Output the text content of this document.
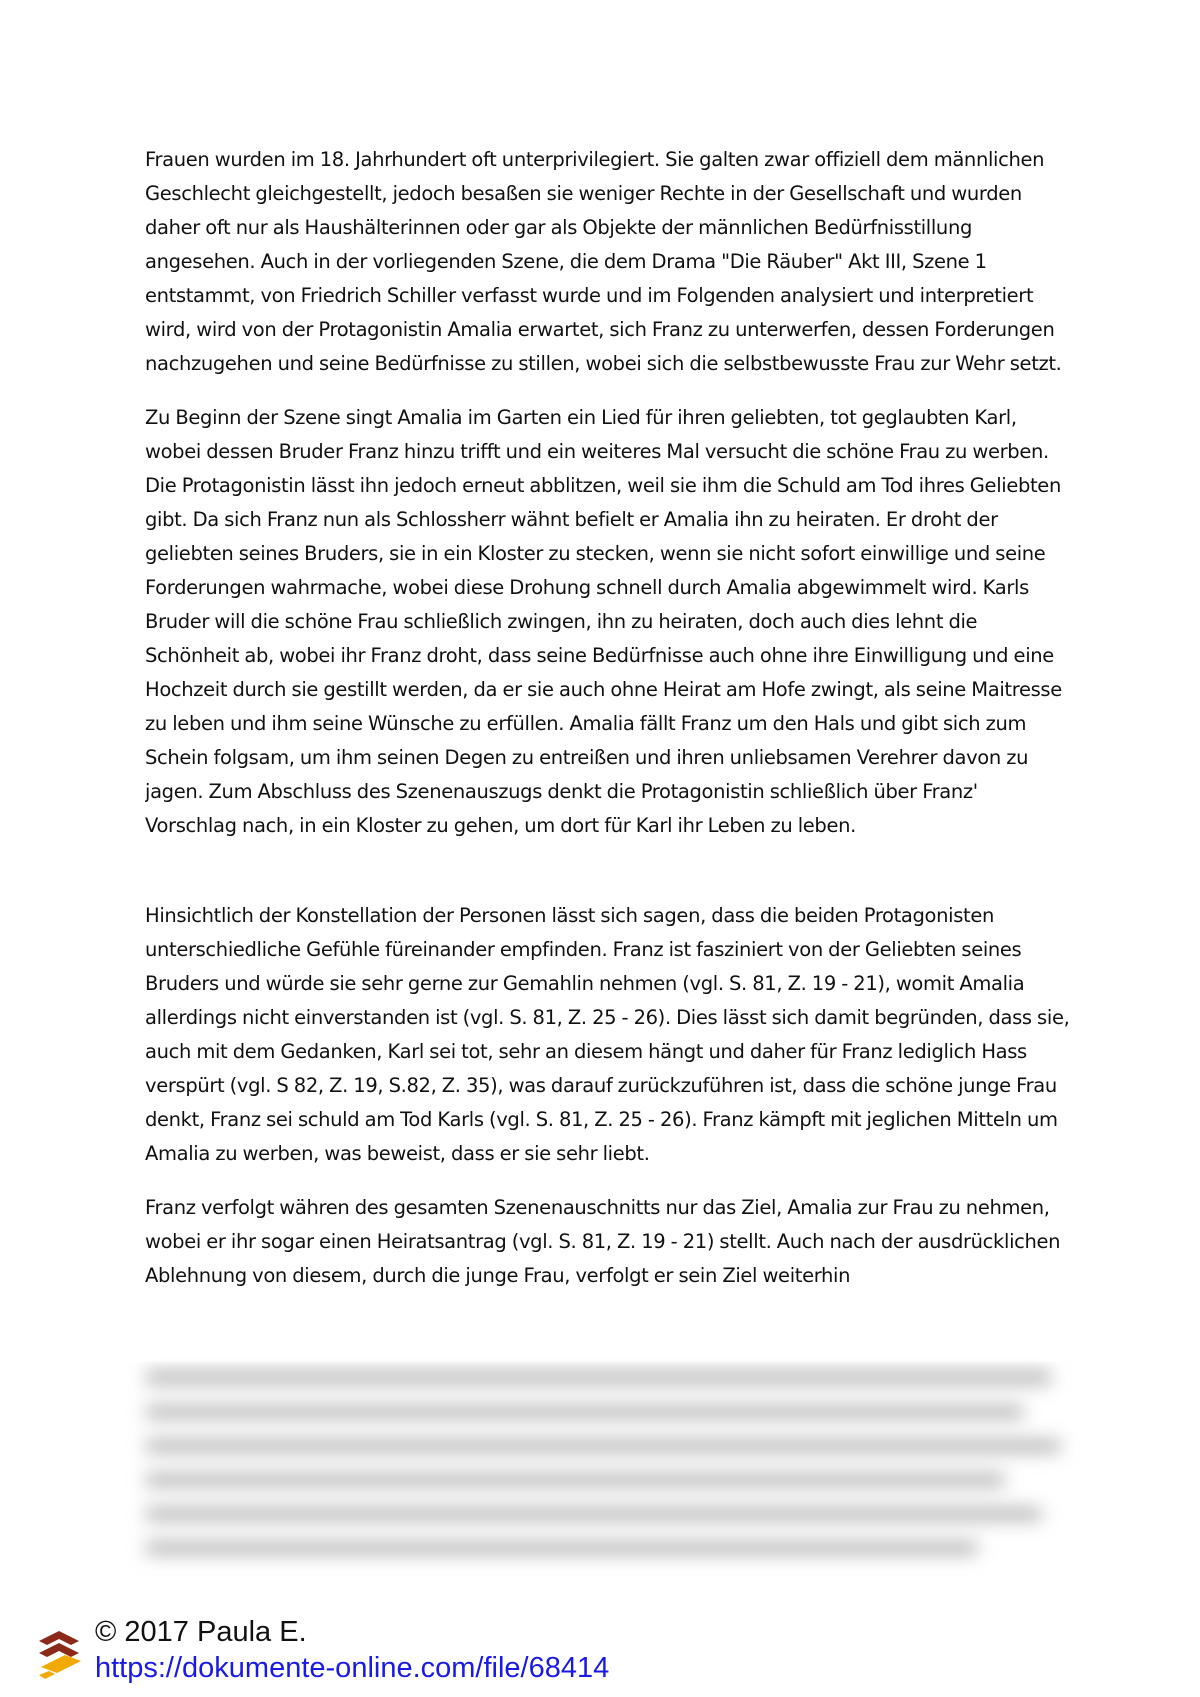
Frauen wurden im 18. Jahrhundert oft unterprivilegiert. Sie galten zwar offiziell dem männlichen Geschlecht gleichgestellt, jedoch besaßen sie weniger Rechte in der Gesellschaft und wurden daher oft nur als Haushälterinnen oder gar als Objekte der männlichen Bedürfnisstillung angesehen. Auch in der vorliegenden Szene, die dem Drama "Die Räuber" Akt III, Szene 1 entstammt, von Friedrich Schiller verfasst wurde und im Folgenden analysiert und interpretiert wird, wird von der Protagonistin Amalia erwartet, sich Franz zu unterwerfen, dessen Forderungen nachzugehen und seine Bedürfnisse zu stillen, wobei sich die selbstbewusste Frau zur Wehr setzt.

Zu Beginn der Szene singt Amalia im Garten ein Lied für ihren geliebten, tot geglaubten Karl, wobei dessen Bruder Franz hinzu trifft und ein weiteres Mal versucht die schöne Frau zu werben. Die Protagonistin lässt ihn jedoch erneut abblitzen, weil sie ihm die Schuld am Tod ihres Geliebten gibt. Da sich Franz nun als Schlossherr wähnt befielt er Amalia ihn zu heiraten. Er droht der geliebten seines Bruders, sie in ein Kloster zu stecken, wenn sie nicht sofort einwillige und seine Forderungen wahrmache, wobei diese Drohung schnell durch Amalia abgewimmelt wird. Karls Bruder will die schöne Frau schließlich zwingen, ihn zu heiraten, doch auch dies lehnt die Schönheit ab, wobei ihr Franz droht, dass seine Bedürfnisse auch ohne ihre Einwilligung und eine Hochzeit durch sie gestillt werden, da er sie auch ohne Heirat am Hofe zwingt, als seine Maitresse zu leben und ihm seine Wünsche zu erfüllen. Amalia fällt Franz um den Hals und gibt sich zum Schein folgsam, um ihm seinen Degen zu entreißen und ihren unliebsamen Verehrer davon zu jagen. Zum Abschluss des Szenenauszugs denkt die Protagonistin schließlich über Franz' Vorschlag nach, in ein Kloster zu gehen, um dort für Karl ihr Leben zu leben.

Hinsichtlich der Konstellation der Personen lässt sich sagen, dass die beiden Protagonisten unterschiedliche Gefühle füreinander empfinden. Franz ist fasziniert von der Geliebten seines Bruders und würde sie sehr gerne zur Gemahlin nehmen (vgl. S. 81, Z. 19 - 21), womit Amalia allerdings nicht einverstanden ist (vgl. S. 81, Z. 25 - 26). Dies lässt sich damit begründen, dass sie, auch mit dem Gedanken, Karl sei tot, sehr an diesem hängt und daher für Franz lediglich Hass verspürt (vgl. S 82, Z. 19, S.82, Z. 35), was darauf zurückzuführen ist, dass die schöne junge Frau denkt, Franz sei schuld am Tod Karls (vgl. S. 81, Z. 25 - 26). Franz kämpft mit jeglichen Mitteln um Amalia zu werben, was beweist, dass er sie sehr liebt.

Franz verfolgt währen des gesamten Szenenauschnitts nur das Ziel, Amalia zur Frau zu nehmen, wobei er ihr sogar einen Heiratsantrag (vgl. S. 81, Z. 19 - 21) stellt. Auch nach der ausdrücklichen Ablehnung von diesem, durch die junge Frau, verfolgt er sein Ziel weiterhin

© 2017 Paula E.

https://dokumente-online.com/file/68414
